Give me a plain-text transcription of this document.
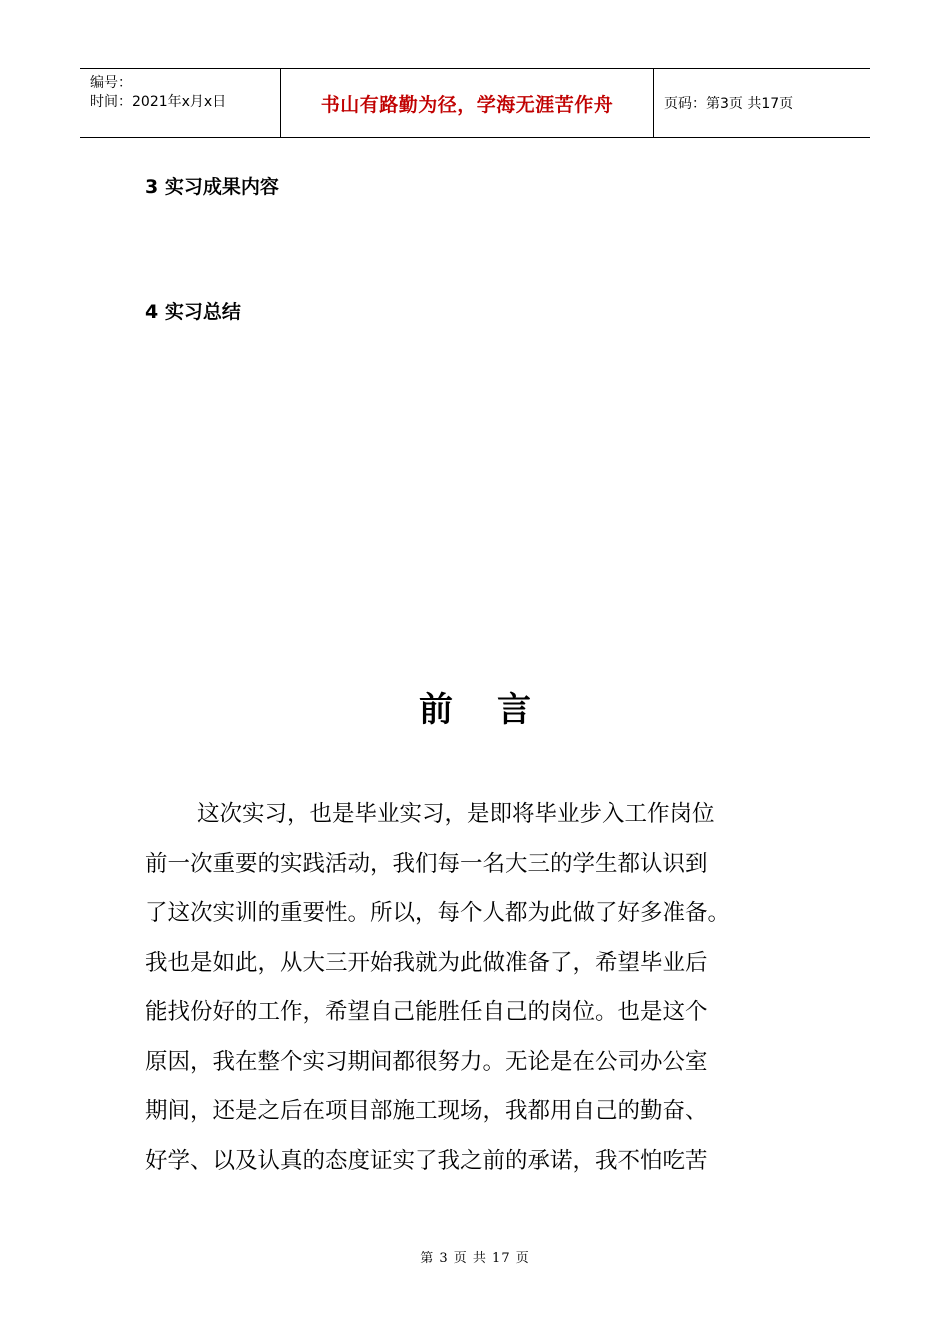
编号：
时间：2021年x月x日	书山有路勤为径，学海无涯苦作舟	页码：第3页 共17页
3 实习成果内容
4 实习总结
前言
这次实习，也是毕业实习，是即将毕业步入工作岗位
前一次重要的实践活动，我们每一名大三的学生都认识到
了这次实训的重要性。所以，每个人都为此做了好多准备。
我也是如此，从大三开始我就为此做准备了，希望毕业后
能找份好的工作，希望自己能胜任自己的岗位。也是这个
原因，我在整个实习期间都很努力。无论是在公司办公室
期间，还是之后在项目部施工现场，我都用自己的勤奋、
好学、以及认真的态度证实了我之前的承诺，我不怕吃苦
第 3 页 共 17 页
